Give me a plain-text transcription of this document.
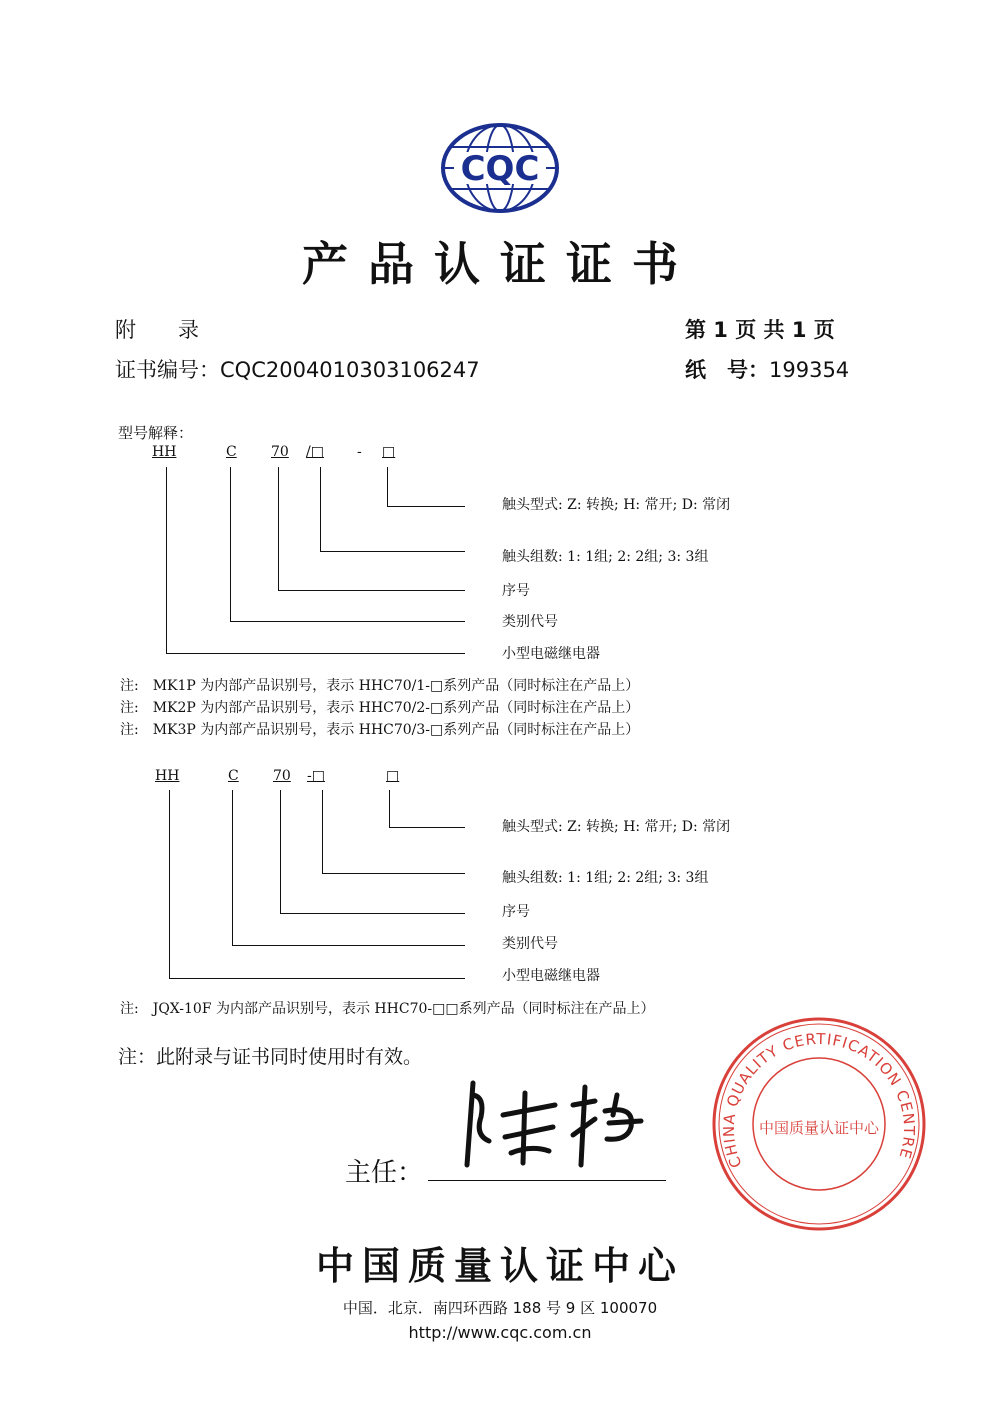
CQC
产品认证证书
附　　录
证书编号：CQC2004010303106247
第 1 页 共 1 页
纸　号：199354
型号解释：
HH	C 70 /□ - □
触头型式: Z: 转换; H: 常开; D: 常闭
触头组数: 1: 1组; 2: 2组; 3: 3组
序号
类别代号
小型电磁继电器
注:　MK1P 为内部产品识别号，表示 HHC70/1-□系列产品（同时标注在产品上）
注:　MK2P 为内部产品识别号，表示 HHC70/2-□系列产品（同时标注在产品上）
注:　MK3P 为内部产品识别号，表示 HHC70/3-□系列产品（同时标注在产品上）
HH	C 70 -□	□
触头型式: Z: 转换; H: 常开; D: 常闭
触头组数: 1: 1组; 2: 2组; 3: 3组
序号
类别代号
小型电磁继电器
注:　JQX-10F 为内部产品识别号，表示 HHC70-□□系列产品（同时标注在产品上）
注：此附录与证书同时使用时有效。
主任：	CHINA QUALITY CERTIFICATION CENTRE
中国质量认证中心
中国质量认证中心
中国．北京．南四环西路 188 号 9 区 100070
http://www.cqc.com.cn
